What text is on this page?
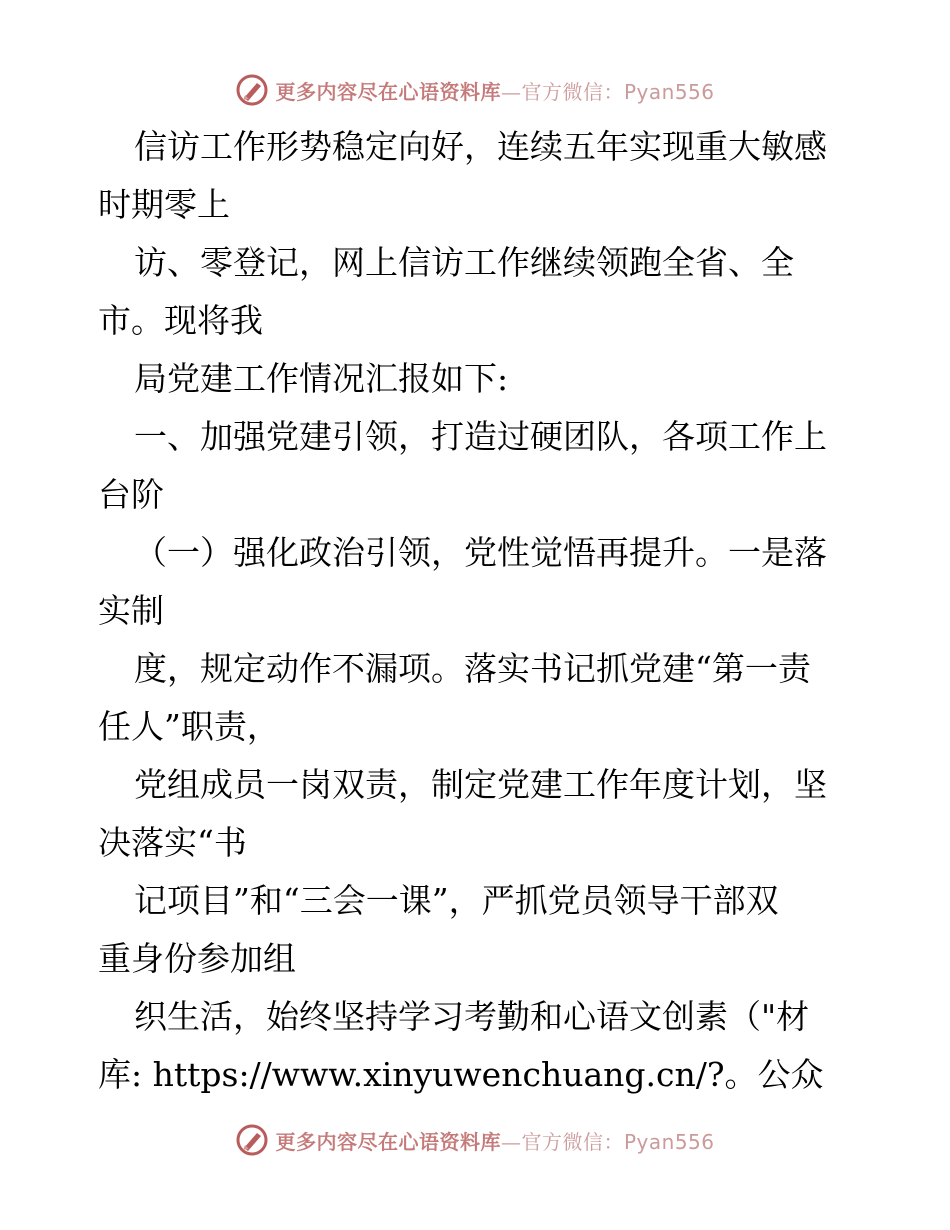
更多内容尽在心语资料库—官方微信：Pyan556
信访工作形势稳定向好，连续五年实现重大敏感
时期零上
访、零登记，网上信访工作继续领跑全省、全
市。现将我
局党建工作情况汇报如下:
一、加强党建引领，打造过硬团队，各项工作上
台阶
（一）强化政治引领，党性觉悟再提升。一是落
实制
度，规定动作不漏项。落实书记抓党建“第一责
任人”职责，
党组成员一岗双责，制定党建工作年度计划，坚
决落实“书
记项目”和“三会一课”，严抓党员领导干部双
重身份参加组
织生活，始终坚持学习考勤和心语文创素（"材
库: https://www.xinyuwenchuang.cn/?。公众
更多内容尽在心语资料库—官方微信：Pyan556
